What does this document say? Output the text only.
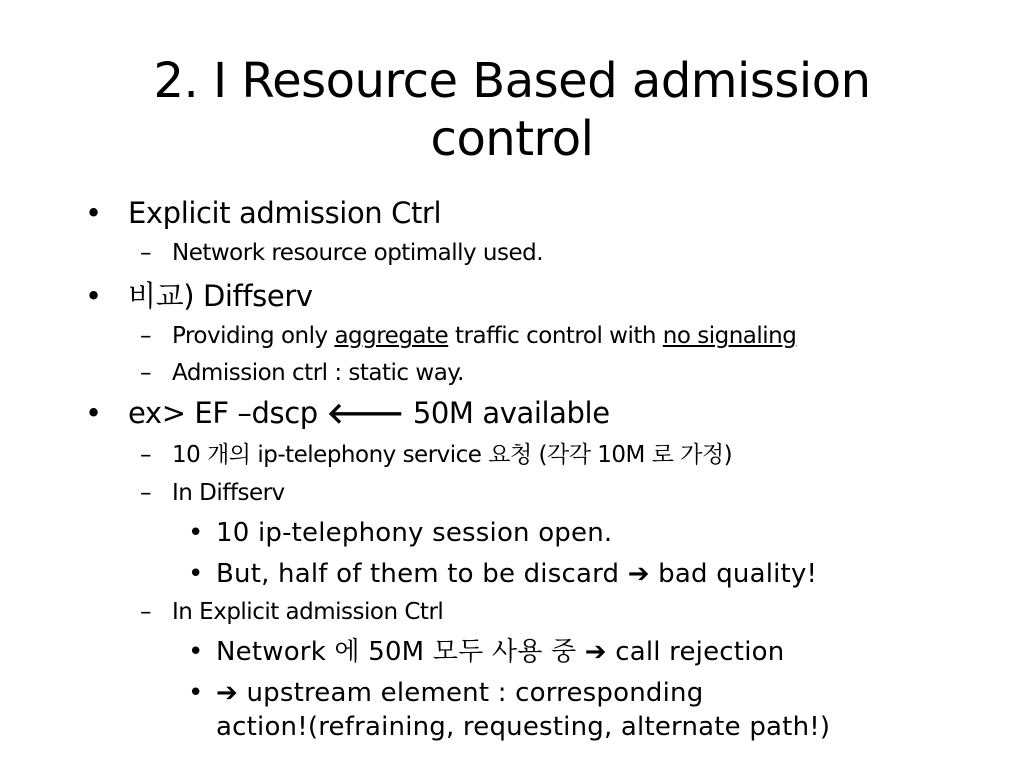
2. I Resource Based admission
control
• Explicit admission Ctrl
– Network resource optimally used.
• 비교) Diffserv
– Providing only aggregate traffic control with no signaling
– Admission ctrl : static way.
• ex> EF –dscp 🡐 50M available
– 10 개의 ip-telephony service 요청 (각각 10M 로 가정)
– In Diffserv
• 10 ip-telephony session open.
• But, half of them to be discard ➔ bad quality!
– In Explicit admission Ctrl
• Network 에 50M 모두 사용 중 ➔ call rejection
• ➔ upstream element : corresponding
action!(refraining, requesting, alternate path!)
